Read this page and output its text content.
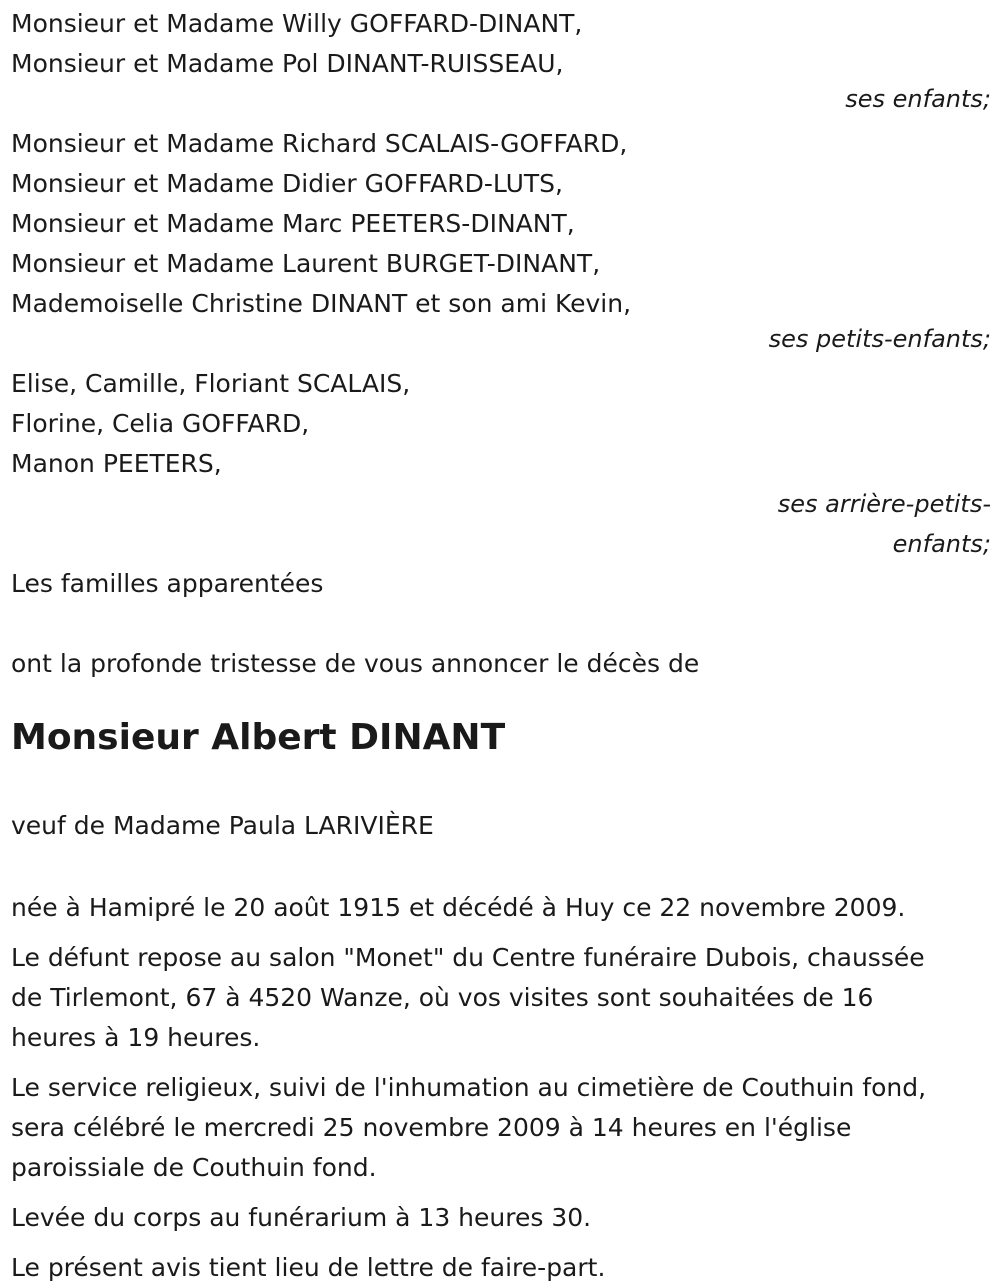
Monsieur et Madame Willy GOFFARD-DINANT,
Monsieur et Madame Pol DINANT-RUISSEAU,
ses enfants;
Monsieur et Madame Richard SCALAIS-GOFFARD,
Monsieur et Madame Didier GOFFARD-LUTS,
Monsieur et Madame Marc PEETERS-DINANT,
Monsieur et Madame Laurent BURGET-DINANT,
Mademoiselle Christine DINANT et son ami Kevin,
ses petits-enfants;
Elise, Camille, Floriant SCALAIS,
Florine, Celia GOFFARD,
Manon PEETERS,
ses arrière-petits-
enfants;
Les familles apparentées
ont la profonde tristesse de vous annoncer le décès de
Monsieur Albert DINANT
veuf de Madame Paula LARIVIÈRE
née à Hamipré le 20 août 1915 et décédé à Huy ce 22 novembre 2009.
Le défunt repose au salon "Monet" du Centre funéraire Dubois, chaussée
de Tirlemont, 67 à 4520 Wanze, où vos visites sont souhaitées de 16
heures à 19 heures.
Le service religieux, suivi de l'inhumation au cimetière de Couthuin fond,
sera célébré le mercredi 25 novembre 2009 à 14 heures en l'église
paroissiale de Couthuin fond.
Levée du corps au funérarium à 13 heures 30.
Le présent avis tient lieu de lettre de faire-part.
